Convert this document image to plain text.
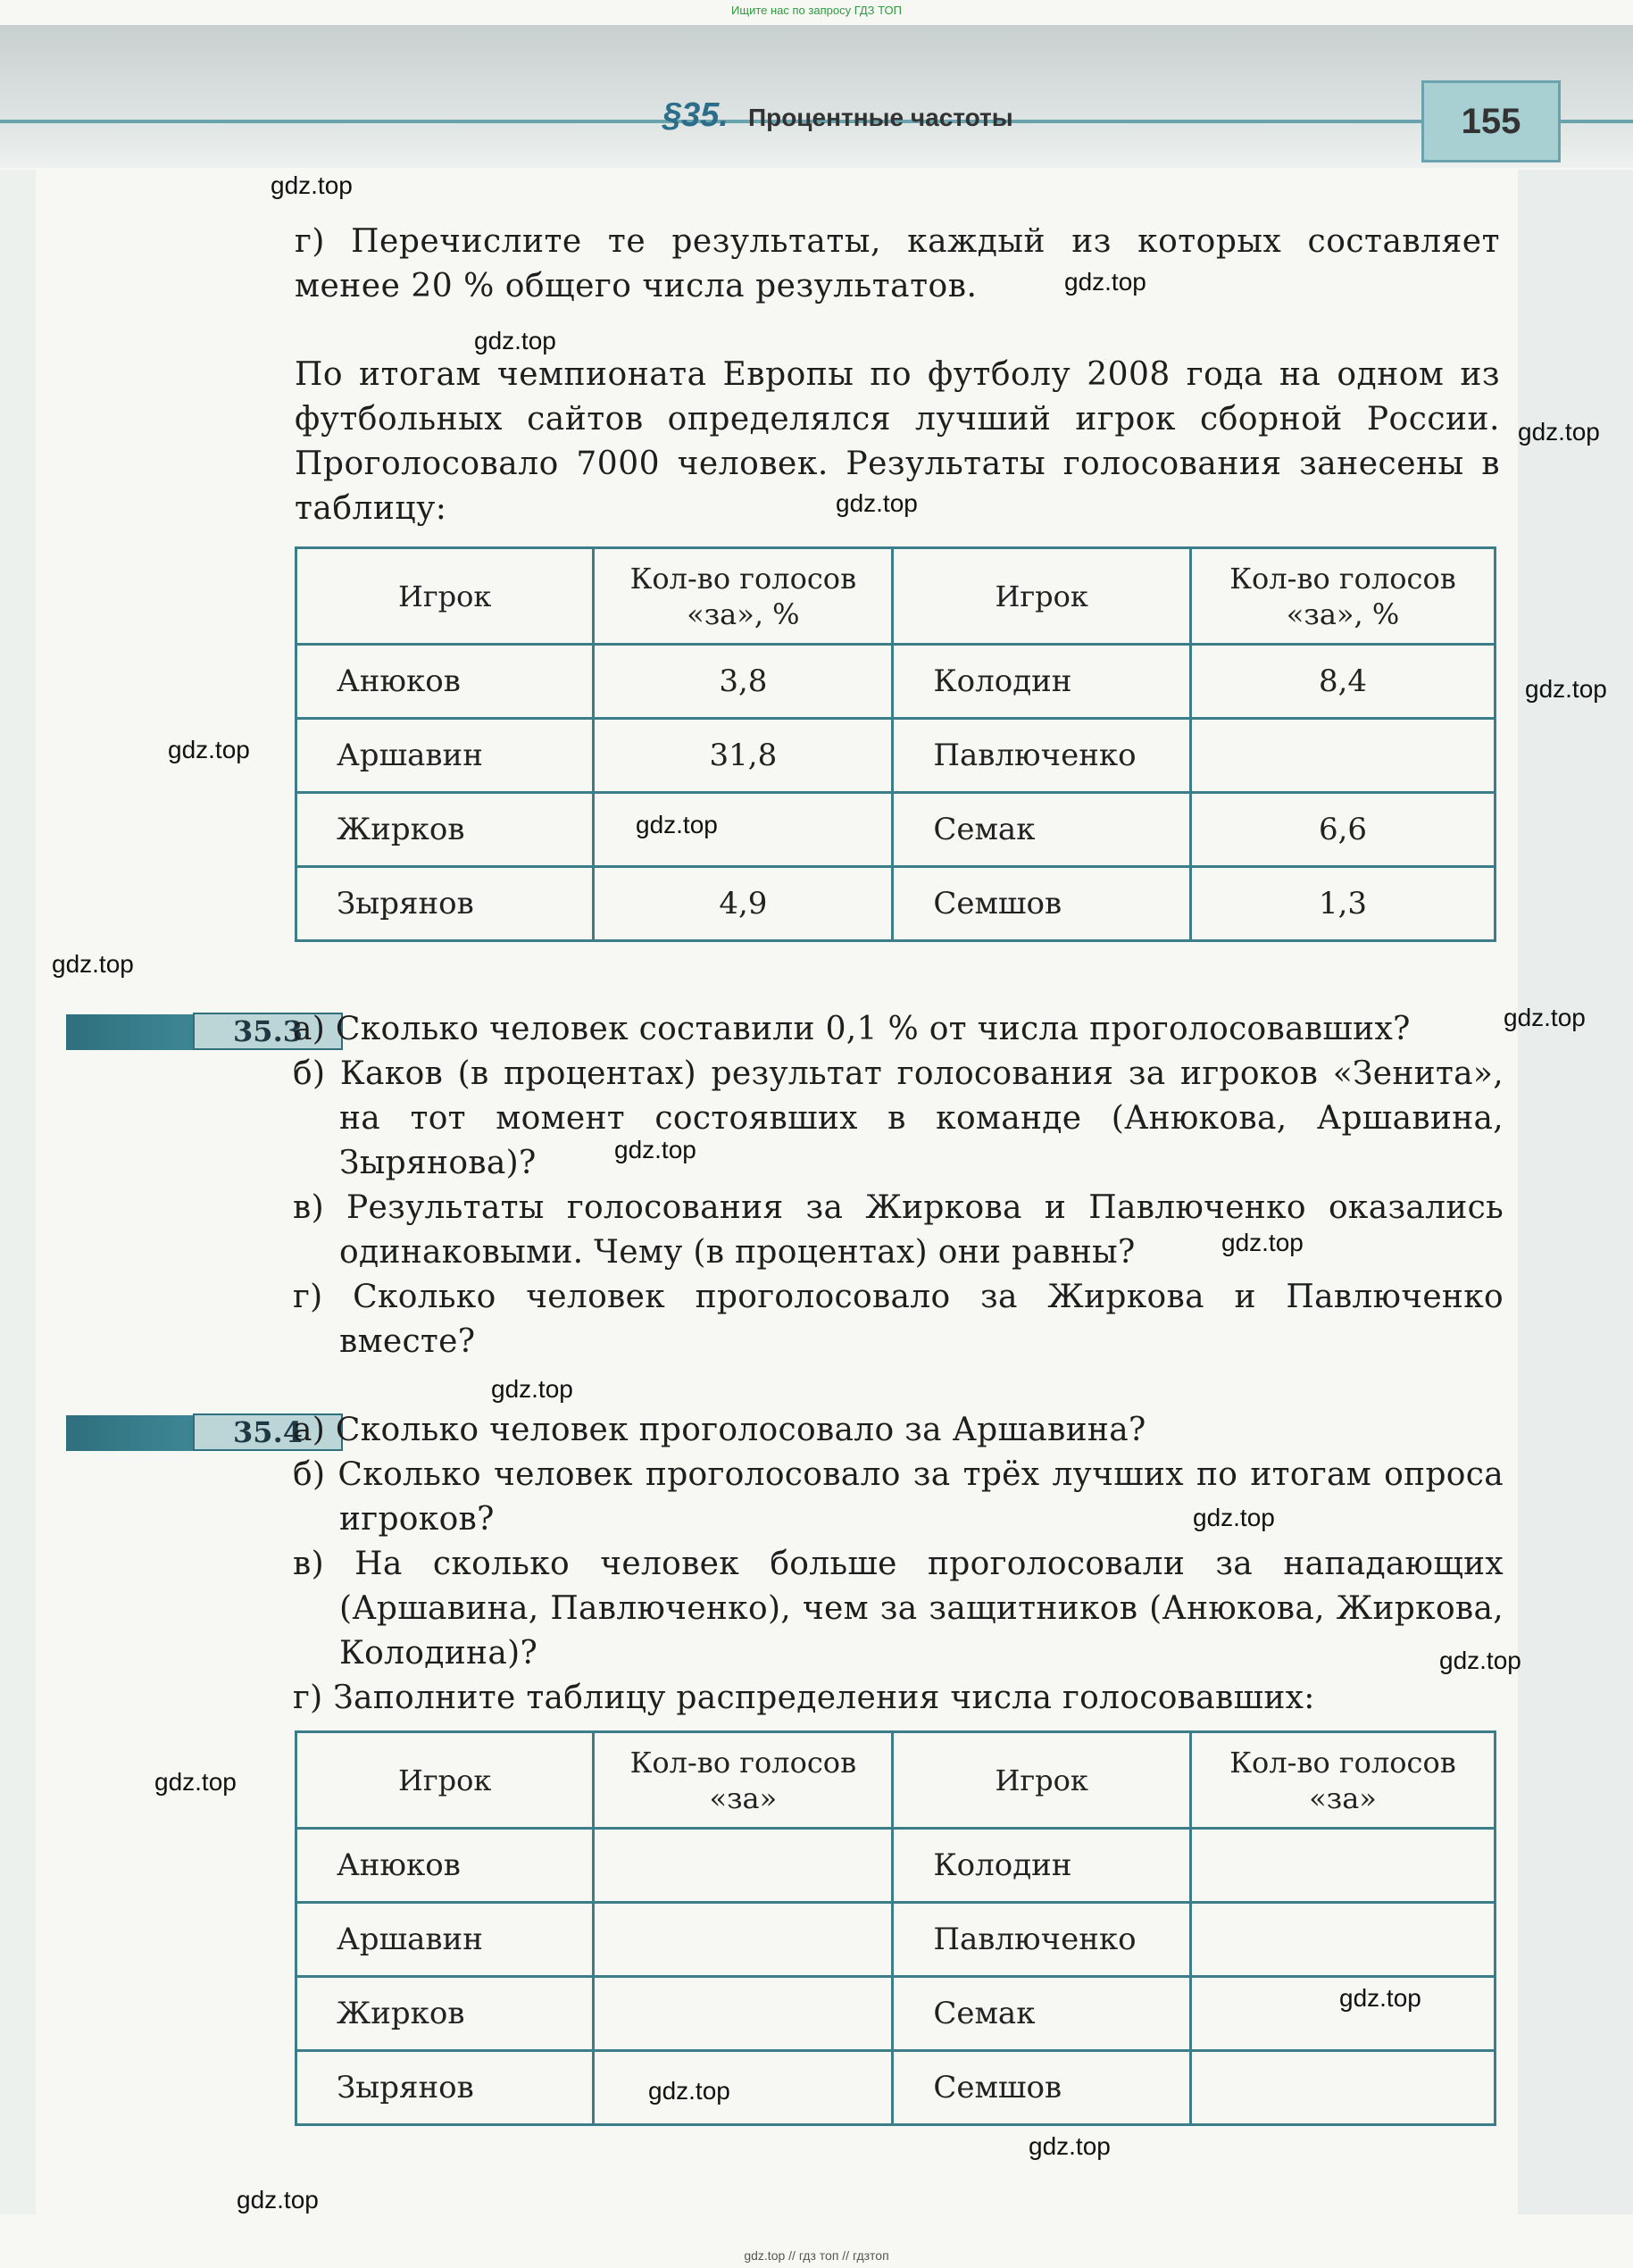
Ищите нас по запросу ГДЗ ТОП
§35. Процентные частоты	155
г) Перечислите те результаты, каждый из которых составляет менее 20 % общего числа результатов.
По итогам чемпионата Европы по футболу 2008 года на одном из футбольных сайтов определялся лучший игрок сборной России. Проголосовало 7000 человек. Результаты голосования занесены в таблицу:
Игрок	Кол-во голосов «за», %	Игрок	Кол-во голосов «за», %
Анюков	3,8	Колодин	8,4
Аршавин	31,8	Павлюченко	
Жирков		Семак	6,6
Зырянов	4,9	Семшов	1,3
35.3
а) Сколько человек составили 0,1 % от числа проголосовавших?
б) Каков (в процентах) результат голосования за игроков «Зенита», на тот момент состоявших в команде (Анюкова, Аршавина, Зырянова)?
в) Результаты голосования за Жиркова и Павлюченко оказались одинаковыми. Чему (в процентах) они равны?
г) Сколько человек проголосовало за Жиркова и Павлюченко вместе?
35.4
а) Сколько человек проголосовало за Аршавина?
б) Сколько человек проголосовало за трёх лучших по итогам опроса игроков?
в) На сколько человек больше проголосовали за нападающих (Аршавина, Павлюченко), чем за защитников (Анюкова, Жиркова, Колодина)?
г) Заполните таблицу распределения числа голосовавших:
Игрок	Кол-во голосов «за»	Игрок	Кол-во голосов «за»
Анюков		Колодин	
Аршавин		Павлюченко	
Жирков		Семак	
Зырянов		Семшов	
gdz.top
gdz.top
gdz.top
gdz.top
gdz.top
gdz.top
gdz.top
gdz.top
gdz.top
gdz.top
gdz.top
gdz.top
gdz.top
gdz.top
gdz.top
gdz.top
gdz.top
gdz.top
gdz.top
gdz.top
gdz.top // гдз топ // гдзтоп
